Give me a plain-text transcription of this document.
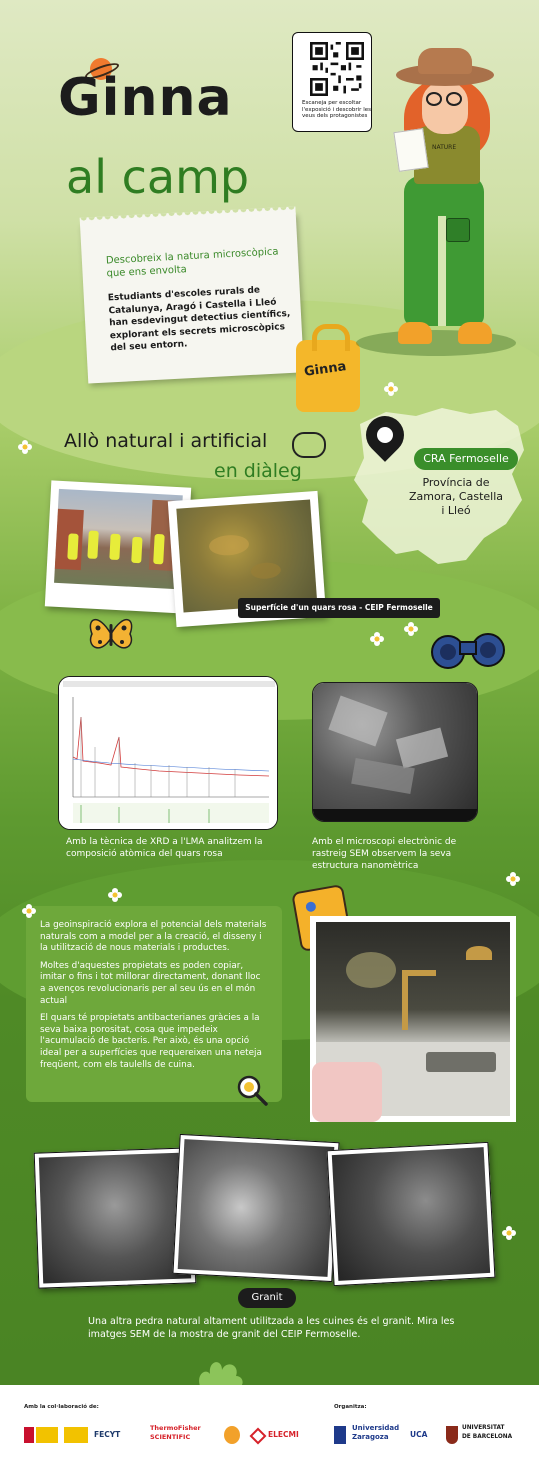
Ginna
al camp
Escaneja per escoltar l'exposició i descobrir les veus dels protagonistes
Descobreix la natura microscòpica que ens envolta
Estudiants d'escoles rurals de Catalunya, Aragó i Castella i Lleó han esdevingut detectius científics, explorant els secrets microscòpics del seu entorn.
Ginna
NATURE
Allò natural i artificial
en diàleg
CRA Fermoselle
Província de Zamora, Castella i Lleó
Superfície d'un quars rosa - CEIP Fermoselle
Amb la tècnica de XRD a l'LMA analitzem la composició atòmica del quars rosa
Amb el microscopi electrònic de rastreig SEM observem la seva estructura nanomètrica

La geoinspiració explora el potencial dels materials naturals com a model per a la creació, el disseny i la utilització de nous materials i productes.

Moltes d'aquestes propietats es poden copiar, imitar o fins i tot millorar directament, donant lloc a avenços revolucionaris per al seu ús en el món actual

El quars té propietats antibacterianes gràcies a la seva baixa porositat, cosa que impedeix l'acumulació de bacteris. Per això, és una opció ideal per a superfícies que requereixen una neteja freqüent, com els taulells de cuina.

Granit
Una altra pedra natural altament utilitzada a les cuines és el granit. Mira les imatges SEM de la mostra de granit del CEIP Fermoselle.
Amb la col·laboració de:	Organitza:
FECYT
ThermoFisher SCIENTIFIC	ELECMI
Universidad Zaragoza	UCA
UNIVERSITAT DE BARCELONA
